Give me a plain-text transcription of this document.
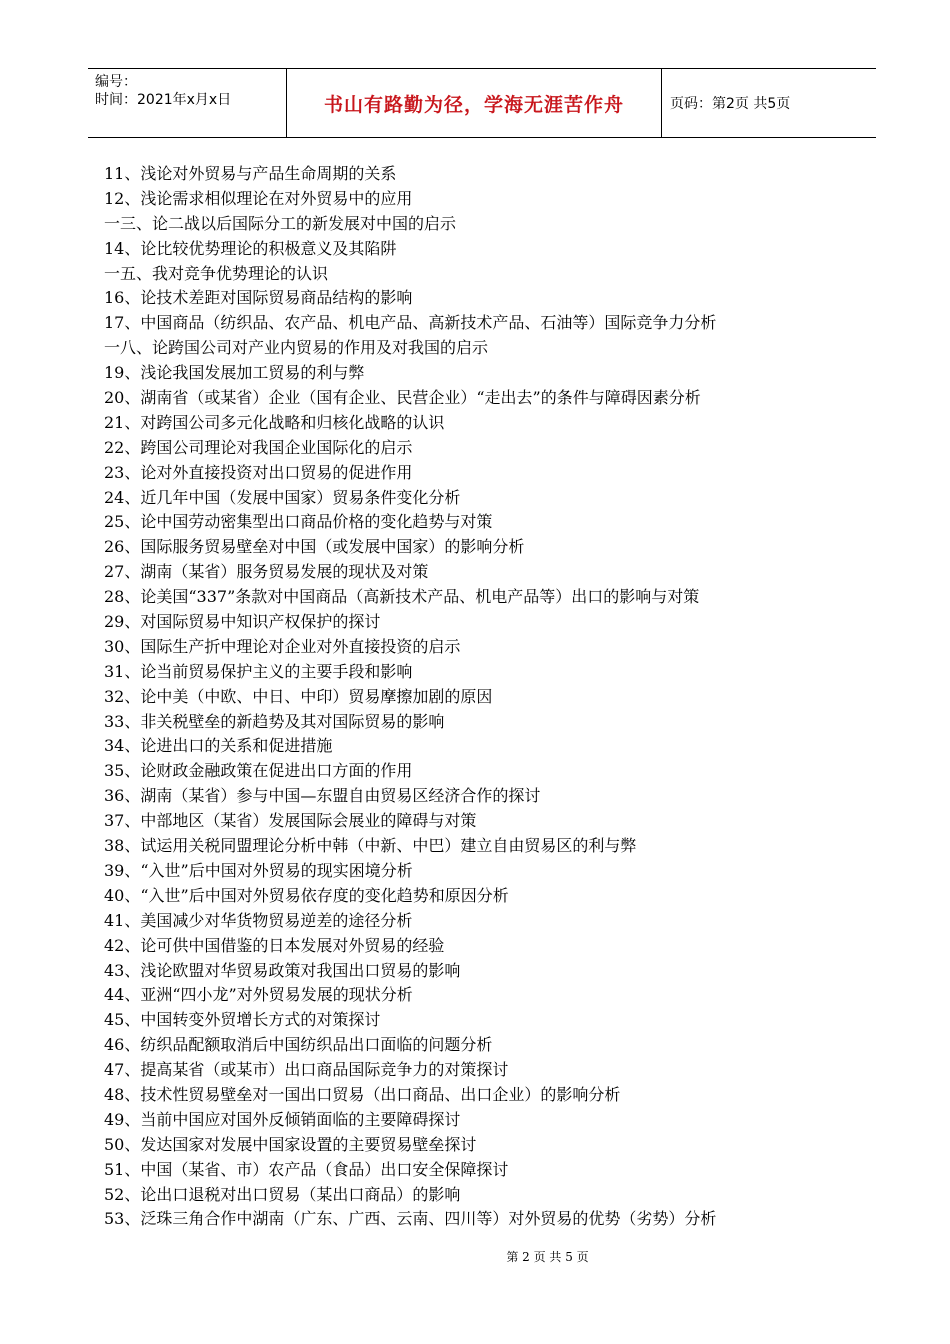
编号：
时间：2021年x月x日	书山有路勤为径，学海无涯苦作舟	页码：第2页 共5页
11、浅论对外贸易与产品生命周期的关系
12、浅论需求相似理论在对外贸易中的应用
一三、论二战以后国际分工的新发展对中国的启示
14、论比较优势理论的积极意义及其陷阱
一五、我对竞争优势理论的认识
16、论技术差距对国际贸易商品结构的影响
17、中国商品（纺织品、农产品、机电产品、高新技术产品、石油等）国际竞争力分析
一八、论跨国公司对产业内贸易的作用及对我国的启示
19、浅论我国发展加工贸易的利与弊
20、湖南省（或某省）企业（国有企业、民营企业）“走出去”的条件与障碍因素分析
21、对跨国公司多元化战略和归核化战略的认识
22、跨国公司理论对我国企业国际化的启示
23、论对外直接投资对出口贸易的促进作用
24、近几年中国（发展中国家）贸易条件变化分析
25、论中国劳动密集型出口商品价格的变化趋势与对策
26、国际服务贸易壁垒对中国（或发展中国家）的影响分析
27、湖南（某省）服务贸易发展的现状及对策
28、论美国“337”条款对中国商品（高新技术产品、机电产品等）出口的影响与对策
29、对国际贸易中知识产权保护的探讨
30、国际生产折中理论对企业对外直接投资的启示
31、论当前贸易保护主义的主要手段和影响
32、论中美（中欧、中日、中印）贸易摩擦加剧的原因
33、非关税壁垒的新趋势及其对国际贸易的影响
34、论进出口的关系和促进措施
35、论财政金融政策在促进出口方面的作用
36、湖南（某省）参与中国—东盟自由贸易区经济合作的探讨
37、中部地区（某省）发展国际会展业的障碍与对策
38、试运用关税同盟理论分析中韩（中新、中巴）建立自由贸易区的利与弊
39、“入世”后中国对外贸易的现实困境分析
40、“入世”后中国对外贸易依存度的变化趋势和原因分析
41、美国减少对华货物贸易逆差的途径分析
42、论可供中国借鉴的日本发展对外贸易的经验
43、浅论欧盟对华贸易政策对我国出口贸易的影响
44、亚洲“四小龙”对外贸易发展的现状分析
45、中国转变外贸增长方式的对策探讨
46、纺织品配额取消后中国纺织品出口面临的问题分析
47、提高某省（或某市）出口商品国际竞争力的对策探讨
48、技术性贸易壁垒对一国出口贸易（出口商品、出口企业）的影响分析
49、当前中国应对国外反倾销面临的主要障碍探讨
50、发达国家对发展中国家设置的主要贸易壁垒探讨
51、中国（某省、市）农产品（食品）出口安全保障探讨
52、论出口退税对出口贸易（某出口商品）的影响
53、泛珠三角合作中湖南（广东、广西、云南、四川等）对外贸易的优势（劣势）分析
第 2 页 共 5 页
